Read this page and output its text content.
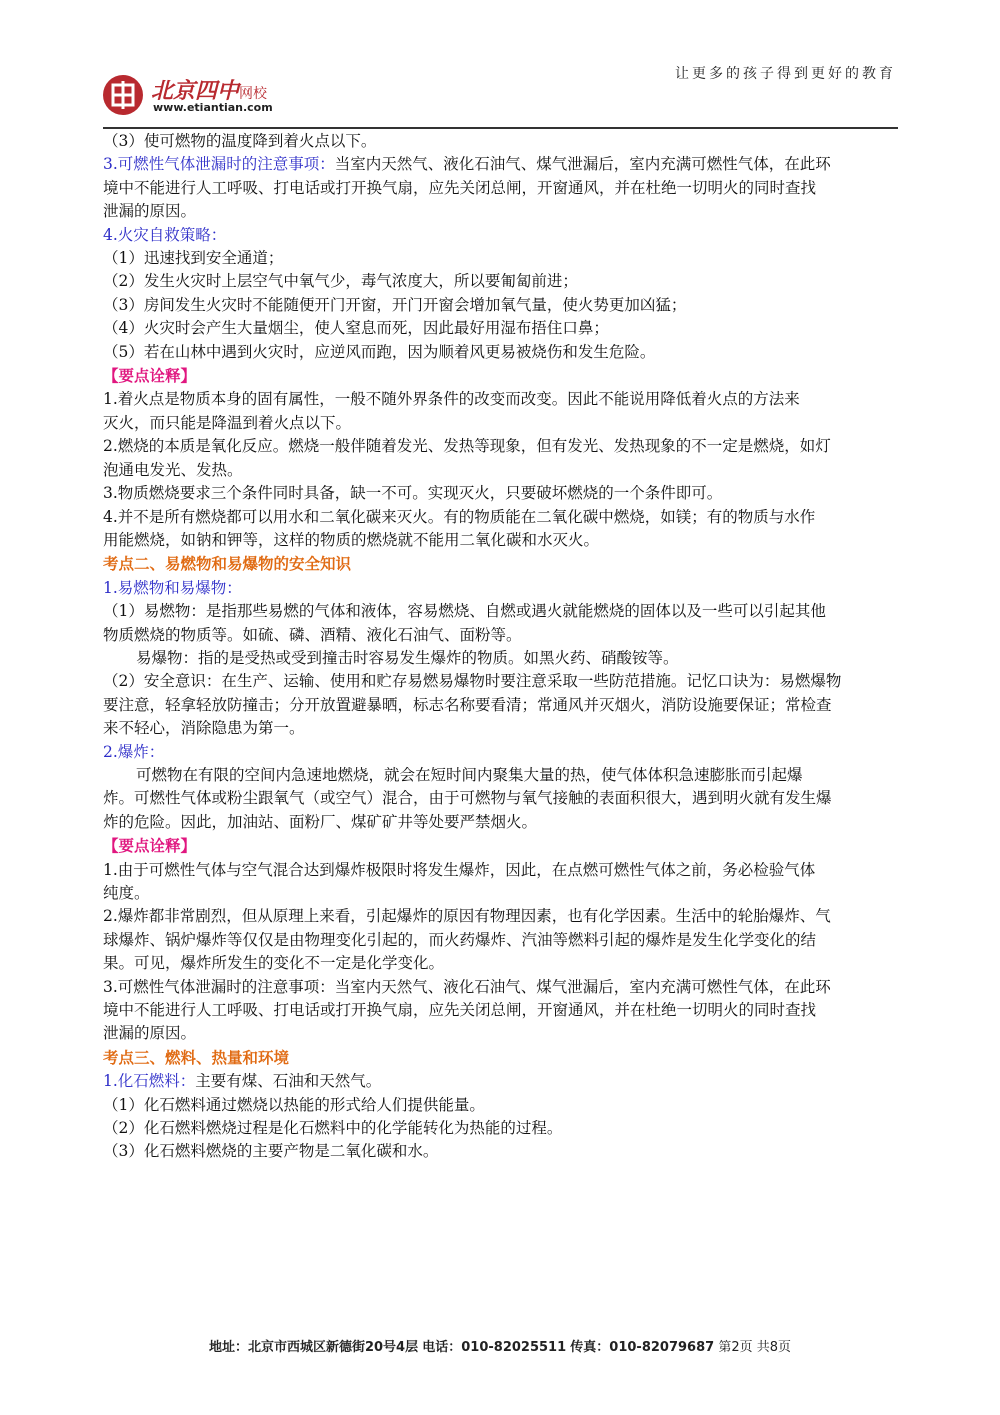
让更多的孩子得到更好的教育
北京四中网校
www.etiantian.com
（3）使可燃物的温度降到着火点以下。
3.可燃性气体泄漏时的注意事项：当室内天然气、液化石油气、煤气泄漏后，室内充满可燃性气体，在此环
境中不能进行人工呼吸、打电话或打开换气扇，应先关闭总闸，开窗通风，并在杜绝一切明火的同时查找
泄漏的原因。
4.火灾自救策略：
（1）迅速找到安全通道；
（2）发生火灾时上层空气中氧气少，毒气浓度大，所以要匍匐前进；
（3）房间发生火灾时不能随便开门开窗，开门开窗会增加氧气量，使火势更加凶猛；
（4）火灾时会产生大量烟尘，使人窒息而死，因此最好用湿布捂住口鼻；
（5）若在山林中遇到火灾时，应逆风而跑，因为顺着风更易被烧伤和发生危险。
【要点诠释】
1.着火点是物质本身的固有属性，一般不随外界条件的改变而改变。因此不能说用降低着火点的方法来
灭火，而只能是降温到着火点以下。
2.燃烧的本质是氧化反应。燃烧一般伴随着发光、发热等现象，但有发光、发热现象的不一定是燃烧，如灯
泡通电发光、发热。
3.物质燃烧要求三个条件同时具备，缺一不可。实现灭火，只要破坏燃烧的一个条件即可。
4.并不是所有燃烧都可以用水和二氧化碳来灭火。有的物质能在二氧化碳中燃烧，如镁；有的物质与水作
用能燃烧，如钠和钾等，这样的物质的燃烧就不能用二氧化碳和水灭火。
考点二、易燃物和易爆物的安全知识
1.易燃物和易爆物：
（1）易燃物：是指那些易燃的气体和液体，容易燃烧、自燃或遇火就能燃烧的固体以及一些可以引起其他
物质燃烧的物质等。如硫、磷、酒精、液化石油气、面粉等。
易爆物：指的是受热或受到撞击时容易发生爆炸的物质。如黑火药、硝酸铵等。
（2）安全意识：在生产、运输、使用和贮存易燃易爆物时要注意采取一些防范措施。记忆口诀为：易燃爆物
要注意，轻拿轻放防撞击；分开放置避暴晒，标志名称要看清；常通风并灭烟火，消防设施要保证；常检查
来不轻心，消除隐患为第一。
2.爆炸：
可燃物在有限的空间内急速地燃烧，就会在短时间内聚集大量的热，使气体体积急速膨胀而引起爆
炸。可燃性气体或粉尘跟氧气（或空气）混合，由于可燃物与氧气接触的表面积很大，遇到明火就有发生爆
炸的危险。因此，加油站、面粉厂、煤矿矿井等处要严禁烟火。
【要点诠释】
1.由于可燃性气体与空气混合达到爆炸极限时将发生爆炸，因此，在点燃可燃性气体之前，务必检验气体
纯度。
2.爆炸都非常剧烈，但从原理上来看，引起爆炸的原因有物理因素，也有化学因素。生活中的轮胎爆炸、气
球爆炸、锅炉爆炸等仅仅是由物理变化引起的，而火药爆炸、汽油等燃料引起的爆炸是发生化学变化的结
果。可见，爆炸所发生的变化不一定是化学变化。
3.可燃性气体泄漏时的注意事项：当室内天然气、液化石油气、煤气泄漏后，室内充满可燃性气体，在此环
境中不能进行人工呼吸、打电话或打开换气扇，应先关闭总闸，开窗通风，并在杜绝一切明火的同时查找
泄漏的原因。
考点三、燃料、热量和环境
1.化石燃料：主要有煤、石油和天然气。
（1）化石燃料通过燃烧以热能的形式给人们提供能量。
（2）化石燃料燃烧过程是化石燃料中的化学能转化为热能的过程。
（3）化石燃料燃烧的主要产物是二氧化碳和水。
地址：北京市西城区新德街20号4层 电话：010-82025511 传真：010-82079687 第2页 共8页
